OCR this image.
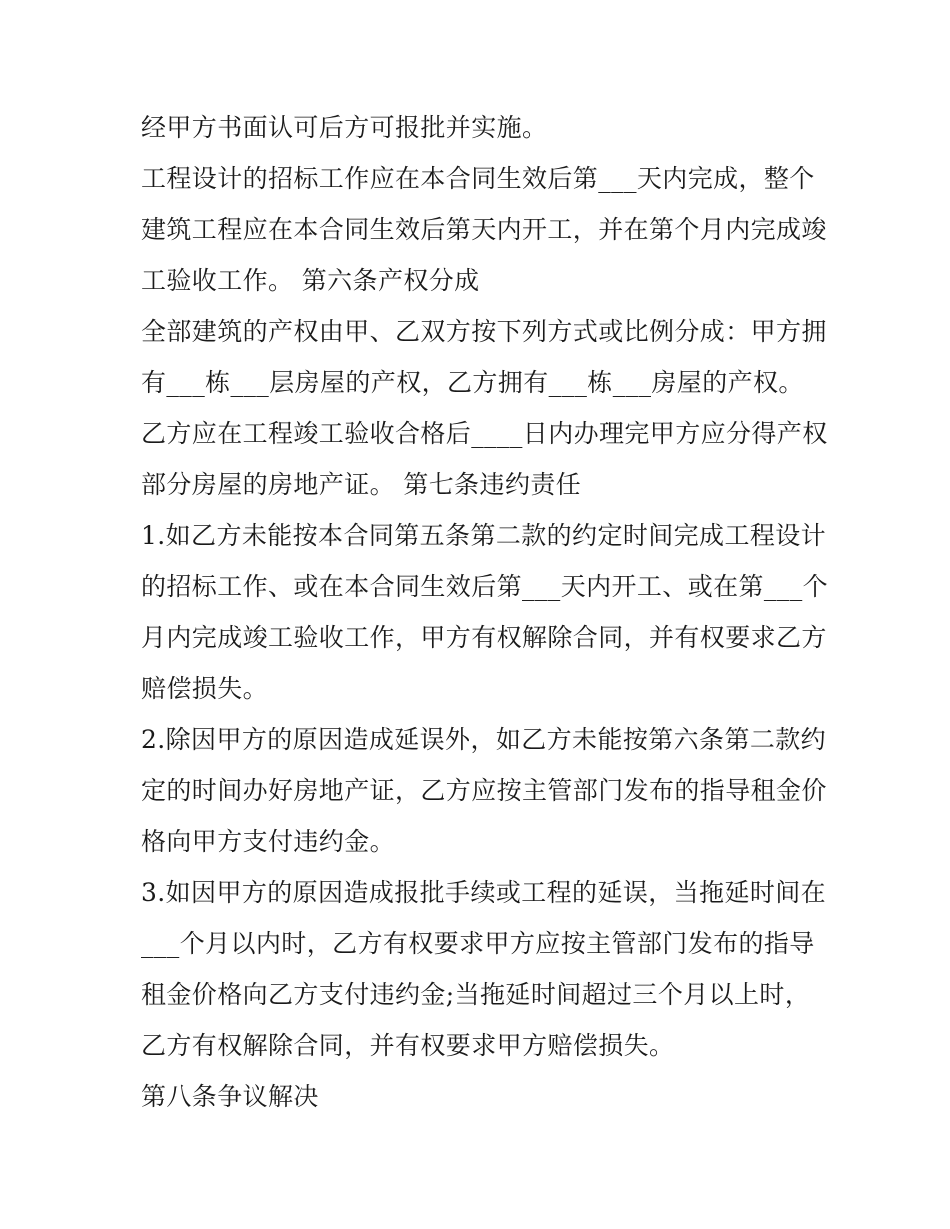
经甲方书面认可后方可报批并实施。
工程设计的招标工作应在本合同生效后第___天内完成，整个
建筑工程应在本合同生效后第天内开工，并在第个月内完成竣
工验收工作。 第六条产权分成
全部建筑的产权由甲、乙双方按下列方式或比例分成：甲方拥
有___栋___层房屋的产权，乙方拥有___栋___房屋的产权。
乙方应在工程竣工验收合格后____日内办理完甲方应分得产权
部分房屋的房地产证。 第七条违约责任
1.如乙方未能按本合同第五条第二款的约定时间完成工程设计
的招标工作、或在本合同生效后第___天内开工、或在第___个
月内完成竣工验收工作，甲方有权解除合同，并有权要求乙方
赔偿损失。
2.除因甲方的原因造成延误外，如乙方未能按第六条第二款约
定的时间办好房地产证，乙方应按主管部门发布的指导租金价
格向甲方支付违约金。
3.如因甲方的原因造成报批手续或工程的延误，当拖延时间在
___个月以内时，乙方有权要求甲方应按主管部门发布的指导
租金价格向乙方支付违约金;当拖延时间超过三个月以上时，
乙方有权解除合同，并有权要求甲方赔偿损失。
第八条争议解决
